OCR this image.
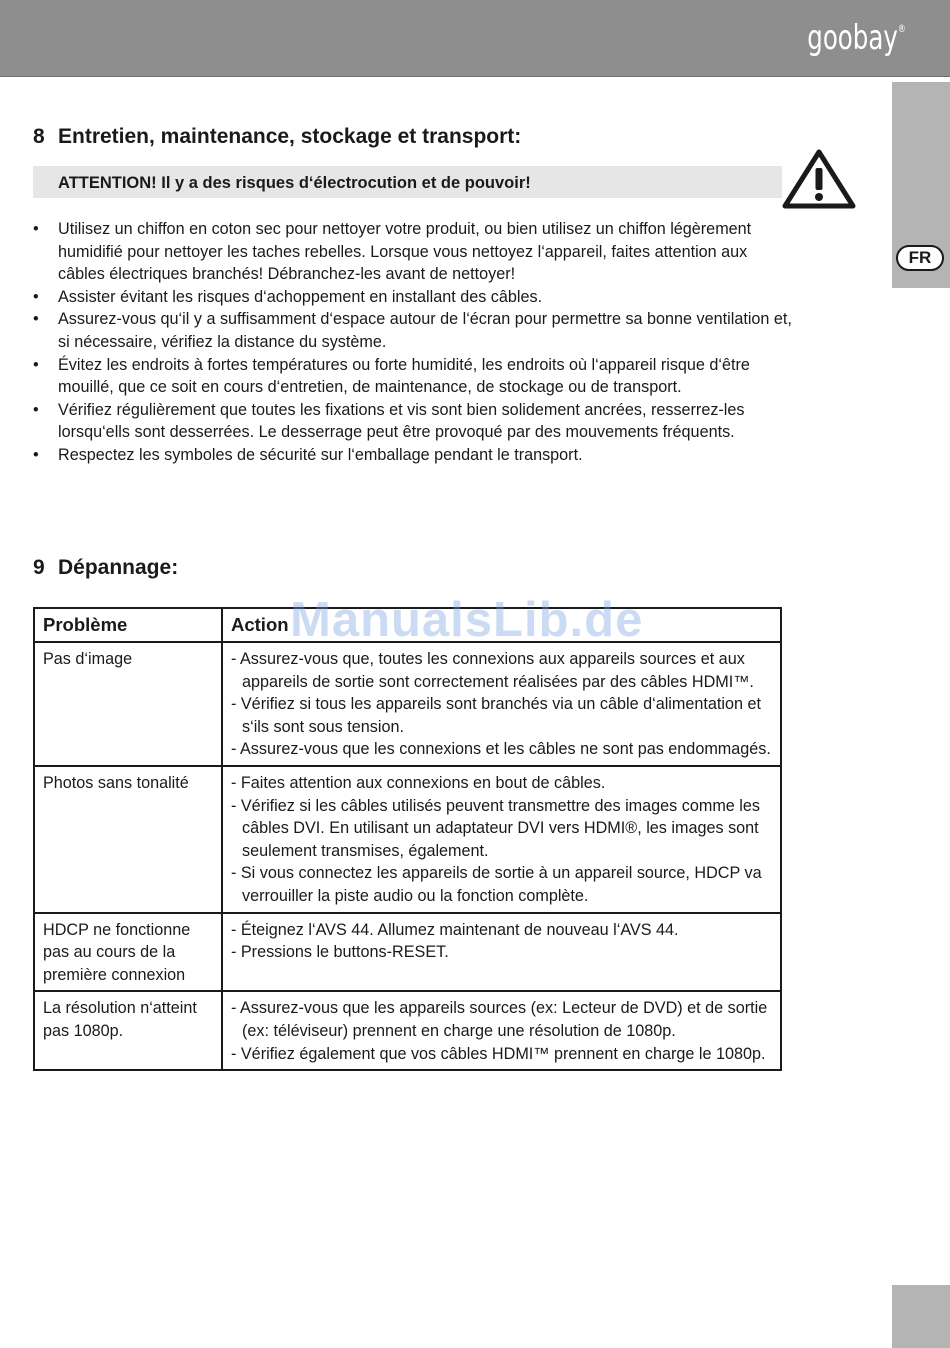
goobay®
FR
8 Entretien, maintenance, stockage et transport:
ATTENTION! Il y a des risques d‘électrocution et de pouvoir!
• Utilisez un chiffon en coton sec pour nettoyer votre produit, ou bien utilisez un chiffon légèrement humidifié pour nettoyer les taches rebelles. Lorsque vous nettoyez l‘appareil, faites attention aux câbles électriques branchés! Débranchez-les avant de nettoyer!
• Assister évitant les risques d‘achoppement en installant des câbles.
• Assurez-vous qu‘il y a suffisamment d‘espace autour de l‘écran pour permettre sa bonne ventilation et, si nécessaire, vérifiez la distance du système.
• Évitez les endroits à fortes températures ou forte humidité, les endroits où l‘appareil risque d‘être mouillé, que ce soit en cours d‘entretien, de maintenance, de stockage ou de transport.
• Vérifiez régulièrement que toutes les fixations et vis sont bien solidement ancrées, resserrez-les lorsqu‘ells sont desserrées. Le desserrage peut être provoqué par des mouvements fréquents.
• Respectez les symboles de sécurité sur l‘emballage pendant le transport.
9 Dépannage:
Problème	Action
Pas d‘image	- Assurez-vous que, toutes les connexions aux appareils sources et aux appareils de sortie sont correctement réalisées par des câbles HDMI™.
- Vérifiez si tous les appareils sont branchés via un câble d‘alimentation et s‘ils sont sous tension.
- Assurez-vous que les connexions et les câbles ne sont pas endommagés.

Photos sans tonalité	- Faites attention aux connexions en bout de câbles.
- Vérifiez si les câbles utilisés peuvent transmettre des images comme les câbles DVI. En utilisant un adaptateur DVI vers HDMI®, les images sont seulement transmises, également.
- Si vous connectez les appareils de sortie à un appareil source, HDCP va verrouiller la piste audio ou la fonction complète.

HDCP ne fonctionne pas au cours de la première connexion	- Éteignez l‘AVS 44. Allumez maintenant de nouveau l‘AVS 44.
- Pressions le buttons-RESET.

La résolution n‘atteint pas 1080p.	- Assurez-vous que les appareils sources (ex: Lecteur de DVD) et de sortie (ex: téléviseur) prennent en charge une résolution de 1080p.
- Vérifiez également que vos câbles HDMI™ prennent en charge le 1080p.
ManualsLib.de
